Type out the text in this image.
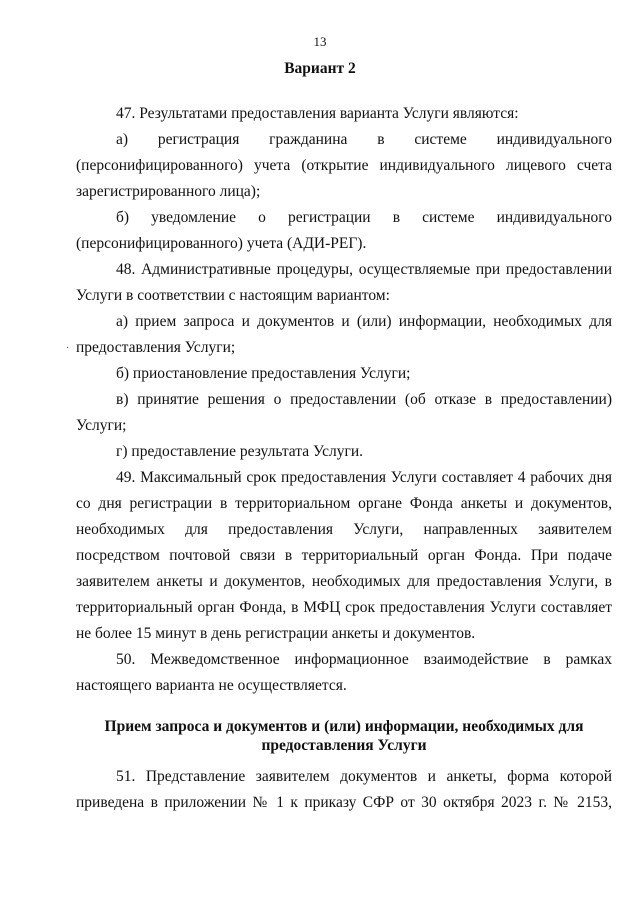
13
Вариант 2
47. Результатами предоставления варианта Услуги являются:
а) регистрация гражданина в системе индивидуального (персонифицированного) учета (открытие индивидуального лицевого счета зарегистрированного лица);
б) уведомление о регистрации в системе индивидуального (персонифицированного) учета (АДИ-РЕГ).
48. Административные процедуры, осуществляемые при предоставлении Услуги в соответствии с настоящим вариантом:
а) прием запроса и документов и (или) информации, необходимых для предоставления Услуги;
·
б) приостановление предоставления Услуги;
в) принятие решения о предоставлении (об отказе в предоставлении) Услуги;
г) предоставление результата Услуги.
49. Максимальный срок предоставления Услуги составляет 4 рабочих дня со дня регистрации в территориальном органе Фонда анкеты и документов, необходимых для предоставления Услуги, направленных заявителем посредством почтовой связи в территориальный орган Фонда. При подаче заявителем анкеты и документов, необходимых для предоставления Услуги, в территориальный орган Фонда, в МФЦ срок предоставления Услуги составляет не более 15 минут в день регистрации анкеты и документов.
50. Межведомственное информационное взаимодействие в рамках настоящего варианта не осуществляется.
Прием запроса и документов и (или) информации, необходимых для предоставления Услуги
51. Представление заявителем документов и анкеты, форма которой приведена в приложении № 1 к приказу СФР от 30 октября 2023 г. № 2153,
